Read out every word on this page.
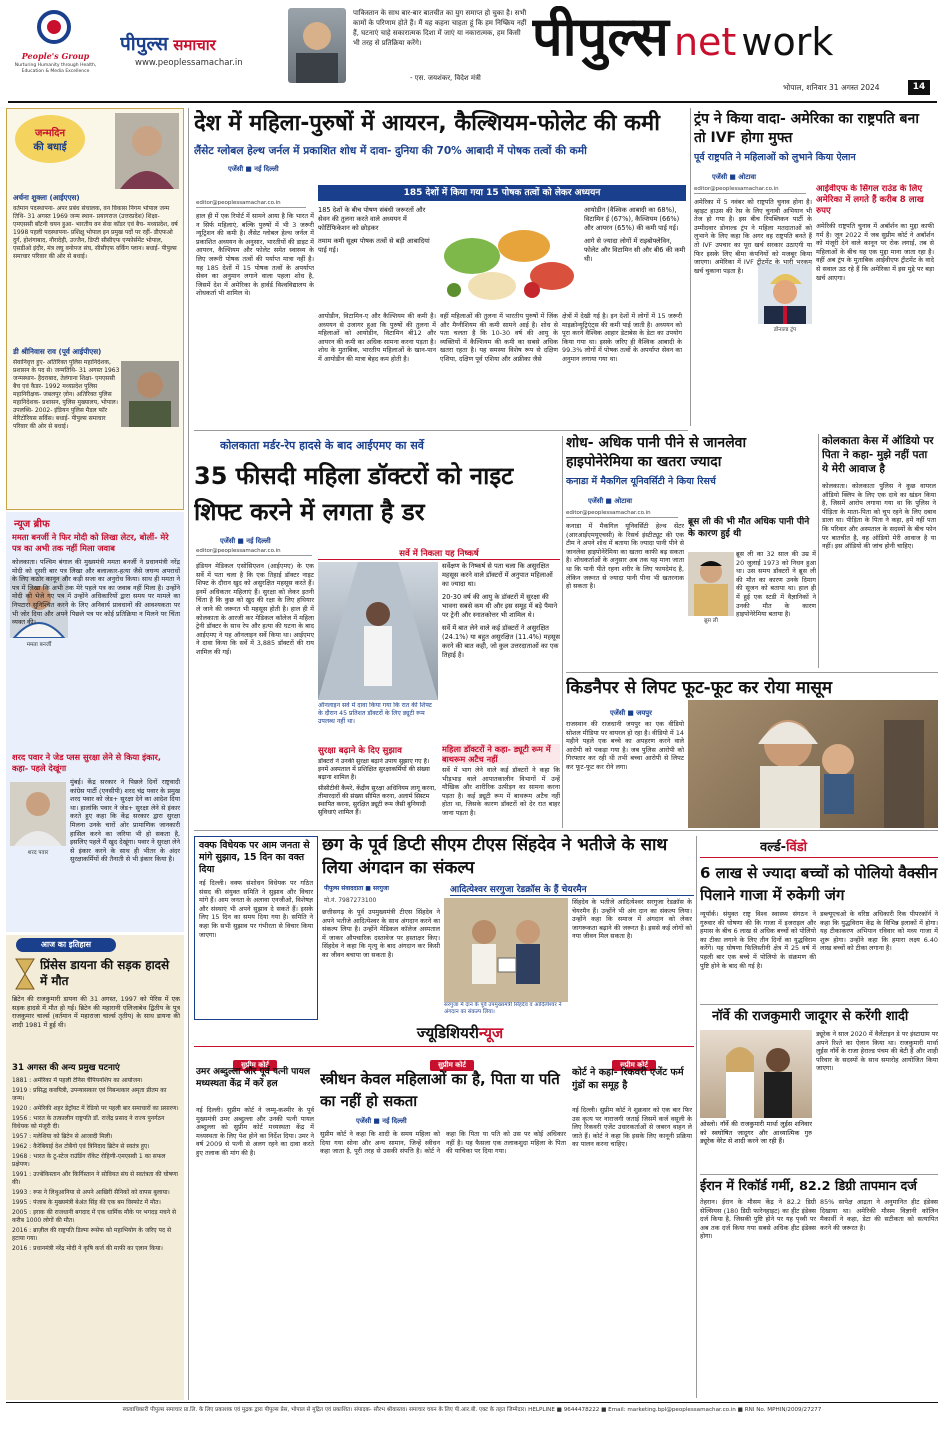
People's Group
Nurturing Humanity through Health, Education & Media Excellence
पीपुल्स समाचार
www.peoplessamachar.in
पाकिस्तान के साथ बार-बार बातचीत का युग समाप्त हो चुका है। सभी कामों के परिणाम होते हैं। मैं यह कहना चाहता हूं कि हम निष्क्रिय नहीं हैं, घटनाएं चाहे सकारात्मक दिशा में जाएं या नकारात्मक, हम किसी भी तरह से प्रतिक्रिया करेंगे।
- एस. जयशंकर, विदेश मंत्री
पीपुल्स net work
भोपाल, शनिवार 31 अगस्त 2024	14
जन्मदिन
की बधाई
अर्चना शुक्ला (आईएएस)
वर्तमान पदस्थापना- अपर प्रबंध संचालक, वन विकास निगम भोपाल जन्म तिथि- 31 अगस्त 1969 जन्म स्थान- प्रयागराज (उत्तरप्रदेश) शिक्षा- एमएससी बॉटनी चयन हुआ- भारतीय वन सेवा कॉडर एवं बैच- मध्यप्रदेश, वर्ष 1998 पहली पदस्थापना- प्रशिक्षु भोपाल इन प्रमुख पदों पर रहीं- डीएफओ दुर्ग, होशंगाबाद, नौरादेही, उज्जैन, डिप्टी सीसीएफ एन्फोर्समेंट भोपाल, एसडीओ इंदौर, मंत्र लघु वनोपज संघ, सीसीएफ वर्किंग प्लान। बधाई- पीपुल्स समाचार परिवार की ओर से बधाई।
डी श्रीनिवास राव (पूर्व आईपीएस)
सेवानिवृत्त हुए- अतिरिक्त पुलिस महानिदेशक, प्रशासन के पद से। जन्मतिथि- 31 अगस्त 1963 जन्मस्थान- हैदराबाद, तेलंगाना शिक्षा- एमएससी बैच एवं कैडर- 1992 मध्यप्रदेश पुलिस महानिरीक्षक- जबलपुर ज़ोन। अतिरिक्त पुलिस महानिदेशक- प्रशासन, पुलिस मुख्यालय, भोपाल। उपलब्धि- 2002- इंडियन पुलिस मैडल फॉर मेरिटोरियस सर्विस। बधाई- पीपुल्स समाचार परिवार की ओर से बधाई।
न्यूज ब्रीफ
ममता बनर्जी ने फिर मोदी को लिखा लेटर, बोलीं- मेरे पत्र का अभी तक नहीं मिला जवाब
ममता बनर्जी
कोलकाता। पश्चिम बंगाल की मुख्यमंत्री ममता बनर्जी ने प्रधानमंत्री नरेंद्र मोदी को दूसरी बार पत्र लिखा और बलात्कार-हत्या जैसे जघन्य अपराधों के लिए कठोर कानून और कड़ी सजा का अनुरोध किया। साथ ही ममता ने पत्र में लिखा कि अभी तक मेरे पहले पत्र का जवाब नहीं मिला है। उन्होंने मोदी को भेजे गए पत्र में उन्होंने अधिकारियों द्वारा समय पर मामले का निपटारा सुनिश्चित करने के लिए अनिवार्य प्रावधानों की आवश्यकता पर भी जोर दिया और अपने पिछले पत्र पर कोई प्रतिक्रिया न मिलने पर चिंता व्यक्त की।
शरद पवार ने जेड प्लस सुरक्षा लेने से किया इंकार, कहा- पहले देखूंगा
मुंबई। केंद्र सरकार ने पिछले दिनों राष्ट्रवादी कांग्रेस पार्टी (एनसीपी) शरद चंद्र पवार के प्रमुख शरद पवार को जेड+ सुरक्षा देने का आदेश दिया था। हालांकि पवार ने जेड+ सुरक्षा लेने से इंकार करते हुए कहा कि केंद्र सरकार द्वारा सुरक्षा मिलना उनके चारों ओर प्रामाणिक जानकारी हासिल करने का जरिया भी हो सकता है, इसलिए पहले मैं खुद देखूंगा। पवार ने सुरक्षा लेने से इंकार करने के साथ ही भीतर के अंदर सुरक्षाकर्मियों की तैनाती से भी इंकार किया है।
शरद पवार
आज का इतिहास
प्रिंसेस डायना की सड़क हादसे में मौत
ब्रिटेन की राजकुमारी डायना की 31 अगस्त, 1997 को पेरिस में एक सड़क हादसे में मौत हो गई। ब्रिटेन की महारानी एलिजाबेथ द्वितीय के पुत्र राजकुमार चार्ल्स (वर्तमान में महाराजा चार्ल्स तृतीय) के साथ डायना की शादी 1981 में हुई थी।
31 अगस्त की अन्य प्रमुख घटनाएं
1881 : अमेरिका में पहली टेनिस चैंपियनशिप का आयोजन।
1919 : प्रसिद्ध कवयित्री, उपन्यासकार एवं निबन्धकार अमृता प्रीतम का जन्म।
1920 : अमेरिकी शहर डेट्रॉयट में रेडियो पर पहली बार समाचारों का प्रसारण।
1956 : भारत के तत्कालीन राष्ट्रपति डॉ. राजेंद्र प्रसाद ने राज्य पुनर्गठन विधेयक को मंजूरी दी।
1957 : मलेशिया को ब्रिटेन से आजादी मिली।
1962 : कैरेबियाई देश टोबैगो एवं त्रिनिदाद ब्रिटेन से स्वतंत्र हुए।
1968 : भारत के टू-स्टेज राउंडिंग रॉकेट रोहिणी-एमएसवी 1 का सफल प्रक्षेपण।
1991 : उज्बेकिस्तान और किर्गिस्तान ने सोवियत संघ से स्वतंत्रता की घोषणा की।
1993 : रूस ने लिथुआनिया से अपने आखिरी सैनिकों को वापस बुलाया।
1995 : पंजाब के मुख्यमंत्री बेअंत सिंह की एक बम विस्फोट में मौत।
2005 : इराक की राजधानी बगदाद में एक धार्मिक मौके पर भगदड़ मचने से करीब 1000 लोगों की मौत।
2016 : ब्राज़ील की राष्ट्रपति डिल्मा रूसेफ को महाभियोग के जरिए पद से हटाया गया।
2016 : प्रधानमंत्री नरेंद्र मोदी ने कृषि कर्ज की माफी का एलान किया।
देश में महिला-पुरुषों में आयरन, कैल्शियम-फोलेट की कमी
लैंसेट ग्लोबल हेल्थ जर्नल में प्रकाशित शोध में दावा- दुनिया की 70% आबादी में पोषक तत्वों की कमी
एजेंसी ■ नई दिल्ली
editor@peoplessamachar.co.in
185 देशों में किया गया 15 पोषक तत्वों को लेकर अध्ययन
185 देशों के बीच पोषण संबंधी जरूरतों और सेवन की तुलना करते वाले अध्ययन में फोर्टिफिकेशन को छोड़कर
तमाम कमी सूक्ष्म पोषक तत्वों से बड़ी आबादियां पाई गई।
आयोडीन (वैश्विक आबादी का 68%), विटामिन ई (67%), कैल्शियम (66%) और आयरन (65%) की कमी पाई गई।
आगे से ज्यादा लोगों में राइबोफ्लेविन, फोलेट और विटामिन सी और बी6 की कमी थी।
हाल ही में एक रिपोर्ट में सामने आया है कि भारत में न सिर्फ महिलाएं, बल्कि पुरुषों में भी 3 जरूरी न्यूट्रिशन की कमी है। लैंसेट ग्लोबल हेल्थ जर्नल में प्रकाशित अध्ययन के अनुसार, भारतीयों की डाइट में आयरन, कैल्शियम और फोलेट समेत स्वास्थ्य के लिए जरूरी पोषक तत्वों की पर्याप्त मात्रा नहीं है। यह 185 देशों में 15 पोषक तत्वों के अपर्याप्त सेवन का अनुमान लगाने वाला पहला शोध है, जिसमें देश में अमेरिका के हार्वर्ड विश्वविद्यालय के शोधकर्ता भी शामिल थे।
आयोडीन, विटामिन-ए और कैल्शियम की कमी है। अध्ययन से उजागर हुआ कि पुरुषों की तुलना में महिलाओं को आयोडीन, विटामिन बी12 और आयरन की कमी का अधिक सामना करना पड़ता है। शोध के मुताबिक, भारतीय महिलाओं के खान-पान में आयोडीन की मात्रा बेहद कम होती है।
वहीं महिलाओं की तुलना में भारतीय पुरुषों में जिंक और मैग्नीशियम की कमी सामने आई है। शोध से पता चलता है कि 10-30 वर्ष की आयु के व्यक्तियों में कैल्शियम की कमी का सबसे अधिक खतरा रहता है। यह समस्या विशेष रूप से दक्षिण एशिया, दक्षिण पूर्व एशिया और अफ्रीका जैसे
क्षेत्रों में देखी गई है। इन देशों में लोगों में 15 जरूरी माइक्रोन्यूट्रिएंट्स की कमी पाई जाती है। अध्ययन को पूरा करने वैश्विक आहार डेटाबेस के डेटा का उपयोग किया गया था। इसके जरिए ही वैश्विक आबादी के 99.3% लोगों में पोषक तत्वों के अपर्याप्त सेवन का अनुमान लगाया गया था।
ट्रंप ने किया वादा- अमेरिका का राष्ट्रपति बना तो IVF होगा मुफ्त
पूर्व राष्ट्रपति ने महिलाओं को लुभाने किया ऐलान
एजेंसी ■ ओटावा
editor@peoplessamachar.co.in
डोनाल्ड ट्रंप
अमेरिका में 5 नवंबर को राष्ट्रपति चुनाव होना है। व्हाइट हाउस की रेस के लिए चुनावी अभियान भी तेज हो गया है। इस बीच रिपब्लिकन पार्टी के उम्मीदवार डोनाल्ड ट्रंप ने महिला मतदाताओं को लुभाने के लिए कहा कि अगर वह राष्ट्रपति बनते हैं तो IVF उपचार का पूरा खर्च सरकार उठाएगी या फिर इसके लिए बीमा कंपनियों को मजबूर किया जाएगा। अमेरिका में IVF ट्रीटमेंट के भारी भरकम खर्च चुकाना पड़ता है।
आईवीएफ के सिंगल राउंड के लिए अमेरिका में लगते हैं करीब 8 लाख रुपए
अमेरिकी राष्ट्रपति चुनाव में अबॉर्शन का मुद्दा काफी गर्म है। जून 2022 में जब सुप्रीम कोर्ट ने अबॉर्शन को मंजूरी देने वाले कानून पर रोक लगाई, तब से महिलाओं के बीच यह एक मुद्दा माना जाता रहा है। वहीं अब ट्रंप के मुताबिक आईवीएफ ट्रीटमेंट के वादे से सवाल उठ रहे हैं कि अमेरिका में इस मुद्दे पर बड़ा खर्च आएगा।
कोलकाता मर्डर-रेप हादसे के बाद आईएमए का सर्वे
35 फीसदी महिला डॉक्टरों को नाइट शिफ्ट करने में लगता है डर
एजेंसी ■ नई दिल्ली
editor@peoplessamachar.co.in	सर्वे में निकला यह निष्कर्ष
इंडियन मेडिकल एसोसिएशन (आईएमए) के एक सर्वे में पता चला है कि एक तिहाई डॉक्टर नाइट शिफ्ट के दौरान खुद को असुरक्षित महसूस करते हैं। इनमें अधिकतर महिलाएं हैं। सुरक्षा को लेकर इतनी चिंता है कि कुछ को खुद की रक्षा के लिए हथियार ले जाने की जरूरत भी महसूस होती है। हाल ही में कोलकाता के आरजी कर मेडिकल कॉलेज में महिला ट्रेनी डॉक्टर के साथ रेप और हत्या की घटना के बाद आईएमए ने यह ऑनलाइन सर्वे किया था। आईएमए ने दावा किया कि सर्वे में 3,885 डॉक्टरों की राय शामिल की गई।
ऑनलाइन सर्वे में दावा किया गया कि रात की शिफ्ट के दौरान 45 प्रतिशत डॉक्टरों के लिए ड्यूटी रूम उपलब्ध नहीं था।
सर्वेक्षण के निष्कर्ष से पता चला कि असुरक्षित महसूस करने वाले डॉक्टरों में अनुपात महिलाओं का ज्यादा था।
20-30 वर्ष की आयु के डॉक्टरों में सुरक्षा की भावना सबसे कम थी और इस समूह में बड़े पैमाने पर ट्रेनी और स्नातकोत्तर भी शामिल थे।
सर्वे में बात लेने वाले कई डॉक्टरों ने असुरक्षित (24.1%) या बहुत असुरक्षित (11.4%) महसूस करने की बात कही, जो कुल उत्तरदाताओं का एक तिहाई है।
सुरक्षा बढ़ाने के दिए सुझाव
डॉक्टरों ने उनकी सुरक्षा बढ़ाने उपाय सुझाए गए हैं। इनमें अस्पताल में प्रशिक्षित सुरक्षाकर्मियों की संख्या बढ़ाना शामिल है।
सीसीटीवी कैमरे, केंद्रीय सुरक्षा अधिनियम लागू करना, तीमारदारों की संख्या सीमित करना, अलार्म सिस्टम स्थापित करना, सुरक्षित ड्यूटी रूम जैसी बुनियादी सुविधाएं शामिल हैं।
महिला डॉक्टरों ने कहा- ड्यूटी रूम में बाथरूम अटैच नहीं
सर्वे में भाग लेने वाले कई डॉक्टरों ने कहा कि भीड़भाड़ वाले आपातकालीन विभागों में उन्हें मौखिक और शारीरिक उत्पीड़न का सामना करना पड़ता है। कई ड्यूटी रूम में बाथरूम अटैच नहीं होता था, जिसके कारण डॉक्टरों को देर रात बाहर जाना पड़ता है।
शोध- अधिक पानी पीने से जानलेवा हाइपोनेरेमिया का खतरा ज्यादा
कनाडा में मैकगिल यूनिवर्सिटी ने किया रिसर्च
एजेंसी ■ ओटावा
editor@peoplessamachar.co.in
ब्रूस ली की भी मौत अधिक पानी पीने के कारण हुई थी
कनाडा में मैकगिल यूनिवर्सिटी हेल्थ सेंटर (आरआईएमयूएचसी) के रिसर्च इंस्टीट्यूट की एक टीम ने अपने शोध में बताया कि ज्यादा पानी पीने से जानलेवा हाइपोनेरेमिया का खतरा काफी बढ़ सकता है। शोधकर्ताओं के अनुसार अब तक यह माना जाता था कि पानी पीते रहना शरीर के लिए फायदेमंद है, लेकिन जरूरत से ज्यादा पानी पीना भी खतरनाक हो सकता है।
ब्रूस ली
ब्रूस ली का 32 साल की उम्र में 20 जुलाई 1973 को निधन हुआ था। उस समय डॉक्टरों ने ब्रूस ली की मौत का कारण उनके दिमाग की सूजन को बताया था। हाल ही में हुई एक स्टडी में वैज्ञानिकों ने उनकी मौत के कारण हाइपोनेरेमिया बताया है।
कोलकाता केस में ऑडियो पर पिता ने कहा- मुझे नहीं पता ये मेरी आवाज है
कोलकाता। कोलकाता पुलिस ने कुछ वायरल ऑडियो क्लिप के लिए एक दावे का खंडन किया है, जिसमें आरोप लगाया गया था कि पुलिस ने पीड़िता के माता-पिता को चुप रहने के लिए दबाव डाला था। पीड़िता के पिता ने कहा, हमें नहीं पता कि परिवार और अस्पताल के सदस्यों के बीच फोन पर बातचीत है, वह ऑडियो मेरी आवाज है या नहीं। इस ऑडियो की जांच होनी चाहिए।
किडनैपर से लिपट फूट-फूट कर रोया मासूम
एजेंसी ■ जयपुर
राजस्थान की राजधानी जयपुर का एक वीडियो सोशल मीडिया पर वायरल हो रहा है। वीडियो में 14 महीने पहले एक बच्चे का अपहरण करने वाले आरोपी को पकड़ा गया है। जब पुलिस आरोपी को गिरफ्तार कर रही थी तभी बच्चा आरोपी से लिपट कर फूट-फूट कर रोने लगा।
वक्फ विधेयक पर आम जनता से मांगे सुझाव, 15 दिन का वक्त दिया
नई दिल्ली। वक्फ संशोधन विधेयक पर गठित संसद की संयुक्त समिति ने सुझाव और विचार मांगे हैं। आम जनता के अलावा एनजीओ, विशेषज्ञ और संस्थाएं भी अपने सुझाव दे सकते हैं। इसके लिए 15 दिन का समय दिया गया है। समिति ने कहा कि सभी सुझाव पर गंभीरता से विचार किया जाएगा।
छग के पूर्व डिप्टी सीएम टीएस सिंहदेव ने भतीजे के साथ लिया अंगदान का संकल्प
पीपुल्स संवाददाता ■ सरगुजा
मो.नं. 7987273100
आदित्येश्वर सरगुजा रेडक्रॉस के हैं चेयरमैन
छत्तीसगढ़ के पूर्व उपमुख्यमंत्री टीएस सिंहदेव ने अपने भतीजे आदित्येश्वर के साथ अंगदान करने का संकल्प लिया है। उन्होंने मेडिकल कॉलेज अस्पताल में जाकर औपचारिक दस्तावेज पर हस्ताक्षर किए। सिंहदेव ने कहा कि मृत्यु के बाद अंगदान कर किसी का जीवन बचाया जा सकता है।
सरगुजा में दान के पूर्व उपमुख्यमंत्री सिंहदेव व आदित्येश्वर ने अंगदान का संकल्प लिया।
सिंहदेव के भतीजे आदित्येश्वर सरगुजा रेडक्रॉस के चेयरमैन हैं। उन्होंने भी अंग दान का संकल्प लिया। उन्होंने कहा कि समाज में अंगदान को लेकर जागरूकता बढ़ाने की जरूरत है। इससे कई लोगों को नया जीवन मिल सकता है।
ज्यूडिशियरीन्यूज
सुप्रीम कोर्ट
उमर अब्दुल्ला और पूर्व पत्नी पायल मध्यस्थता केंद्र में करें हल
नई दिल्ली। सुप्रीम कोर्ट ने जम्मू-कश्मीर के पूर्व मुख्यमंत्री उमर अब्दुल्ला और उनकी पत्नी पायल अब्दुल्ला को सुप्रीम कोर्ट मध्यस्थता केंद्र में मध्यस्थता के लिए पेश होने का निर्देश दिया। उमर ने वर्ष 2009 से पत्नी से अलग रहने का दावा करते हुए तलाक की मांग की है।
सुप्रीम कोर्ट
स्त्रीधन केवल महिलाओं का है, पिता या पति का नहीं हो सकता
एजेंसी ■ नई दिल्ली
सुप्रीम कोर्ट ने कहा कि शादी के समय महिला को दिया गया सोना और अन्य सामान, जिन्हें स्त्रीधन कहा जाता है, पूरी तरह से उसकी संपत्ति है। कोर्ट ने कहा कि पिता या पति को उस पर कोई अधिकार नहीं है। यह फैसला एक तलाकशुदा महिला के पिता की याचिका पर दिया गया।
सुप्रीम कोर्ट
कोर्ट ने कहा- रिकवरी एजेंट फर्म गुंडों का समूह है
नई दिल्ली। सुप्रीम कोर्ट ने शुक्रवार को एक बार फिर उस कृत्य पर नाराजगी जताई जिसमें कर्ज वसूली के लिए रिकवरी एजेंट उधारकर्ताओं से जबरन वाहन ले जाते हैं। कोर्ट ने कहा कि इसके लिए कानूनी प्रक्रिया का पालन करना चाहिए।
वर्ल्ड-विंडो
6 लाख से ज्यादा बच्चों को पोलियो वैक्सीन पिलाने गाजा में रुकेगी जंग
न्यूयॉर्क। संयुक्त राष्ट्र विश्व स्वास्थ्य संगठन ने गुरुवार की घोषणा की कि गाजा में इजराइल और हमास के बीच 6 लाख से अधिक बच्चों को पोलियो का टीका लगाने के लिए तीन दिनों का युद्धविराम करेंगे। यह घोषणा फिलिस्तीनी क्षेत्र में 25 वर्ष में पहली बार एक बच्चे में पोलियो के संक्रमण की पुष्टि होने के बाद की गई है।
डब्ल्यूएचओ के वरिष्ठ अधिकारी रिक पीपरकॉर्न ने कहा कि युद्धविराम केंद्र के विभिन्न इलाकों में होगा। यह टीकाकरण अभियान रविवार को मध्य गाजा में शुरू होगा। उन्होंने कहा कि हमारा लक्ष्य 6.40 लाख बच्चों को टीका लगाना है।
नॉर्वे की राजकुमारी जादूगर से करेंगी शादी
ओस्लो। नॉर्वे की राजकुमारी मार्था लुईस शनिवार को स्वघोषित जादूगर और आध्यात्मिक गुरु ड्यूरेक वेरेट से शादी करने जा रही हैं।
ड्यूरेक ने साल 2020 में वैलेंटाइन डे पर इंस्टाग्राम पर अपने रिश्ते का ऐलान किया था। राजकुमारी मार्था लुईस नॉर्वे के राजा हेराल्ड पंचम की बेटी हैं और शाही परिवार के सदस्यों के साथ समारोह आयोजित किया जाएगा।
ईरान में रिकॉर्ड गर्मी, 82.2 डिग्री तापमान दर्ज
तेहरान। ईरान के मौसम केंद्र ने 82.2 डिग्री सेल्सियस (180 डिग्री फारेनहाइट) का हीट इंडेक्स दर्ज किया है, जिसकी पुष्टि होने पर यह पृथ्वी पर अब तक दर्ज किया गया सबसे अधिक हीट इंडेक्स होगा।
85% सापेक्ष आद्रता ने अनुमानित हीट इंडेक्स दिखाया था। अमेरिकी मौसम विज्ञानी कॉलिन मैकार्थी ने कहा, डेटा की सटीकता को सत्यापित करने की जरूरत है।
स्वत्वाधिकारी पीपुल्स समाचार प्रा.लि. के लिए प्रकाशक एवं मुद्रक द्वारा पीपुल्स प्रेस, भोपाल से मुद्रित एवं प्रकाशित। संपादक- सौरभ श्रीवास्तव। समाचार चयन के लिए पी.आर.बी. एक्ट के तहत जिम्मेदार। HELPLINE ■ 9644478222 ■ Email: marketing.bpl@peoplessamachar.co.in ■ RNI No. MPHIN/2009/27277
